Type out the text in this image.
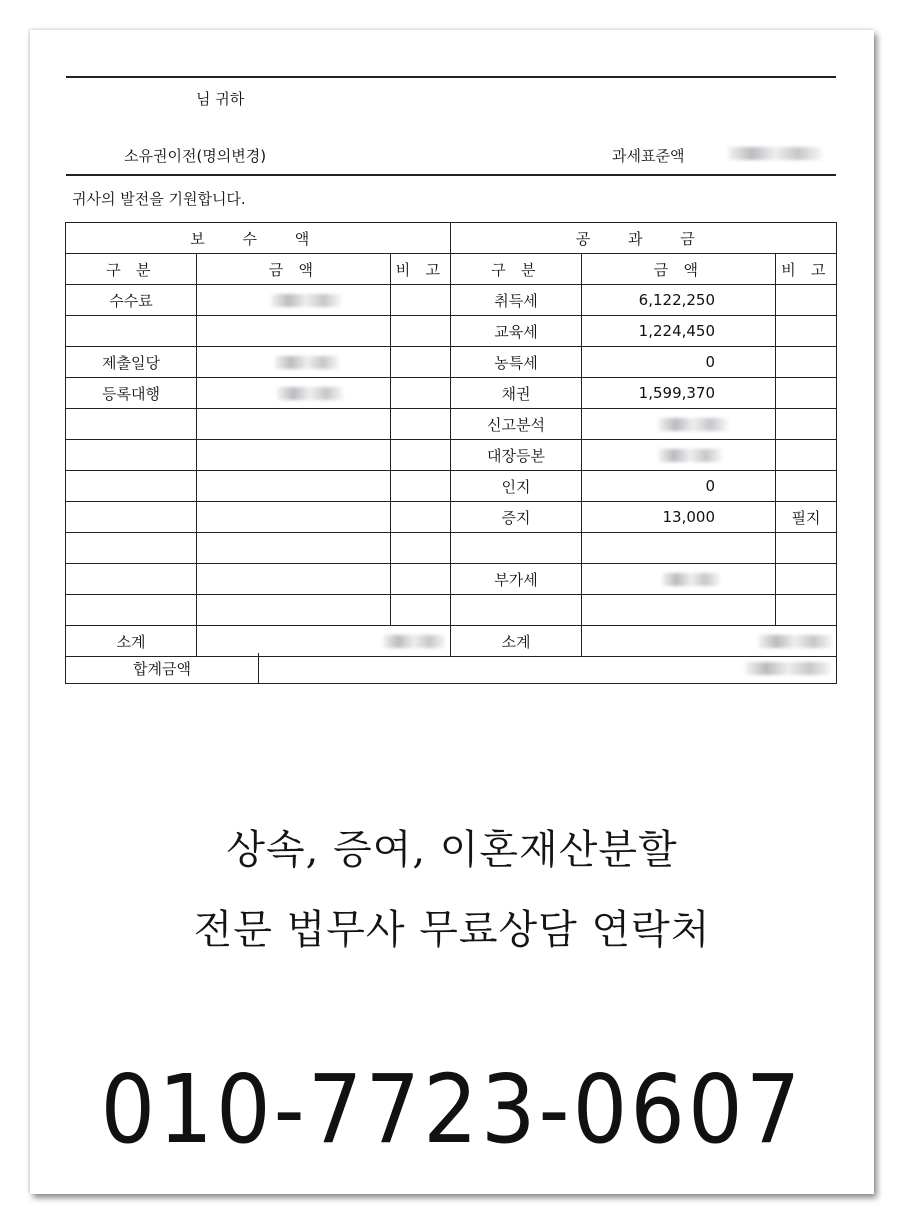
님 귀하
소유권이전(명의변경)	과세표준액
귀사의 발전을 기원합니다.
보 수 액			공 과 금		
구 분	금 액	비 고	구 분	금 액	비 고
수수료			취득세	6,122,250	
			교육세	1,224,450	
제출일당			농특세	0	
등록대행			채권	1,599,370	
			신고분석	

			대장등본	

			인지	0	
			증지	13,000	필지

			부가세	

소계			소계		
합계금액	
상속, 증여, 이혼재산분할
전문 법무사 무료상담 연락처
010-7723-0607
